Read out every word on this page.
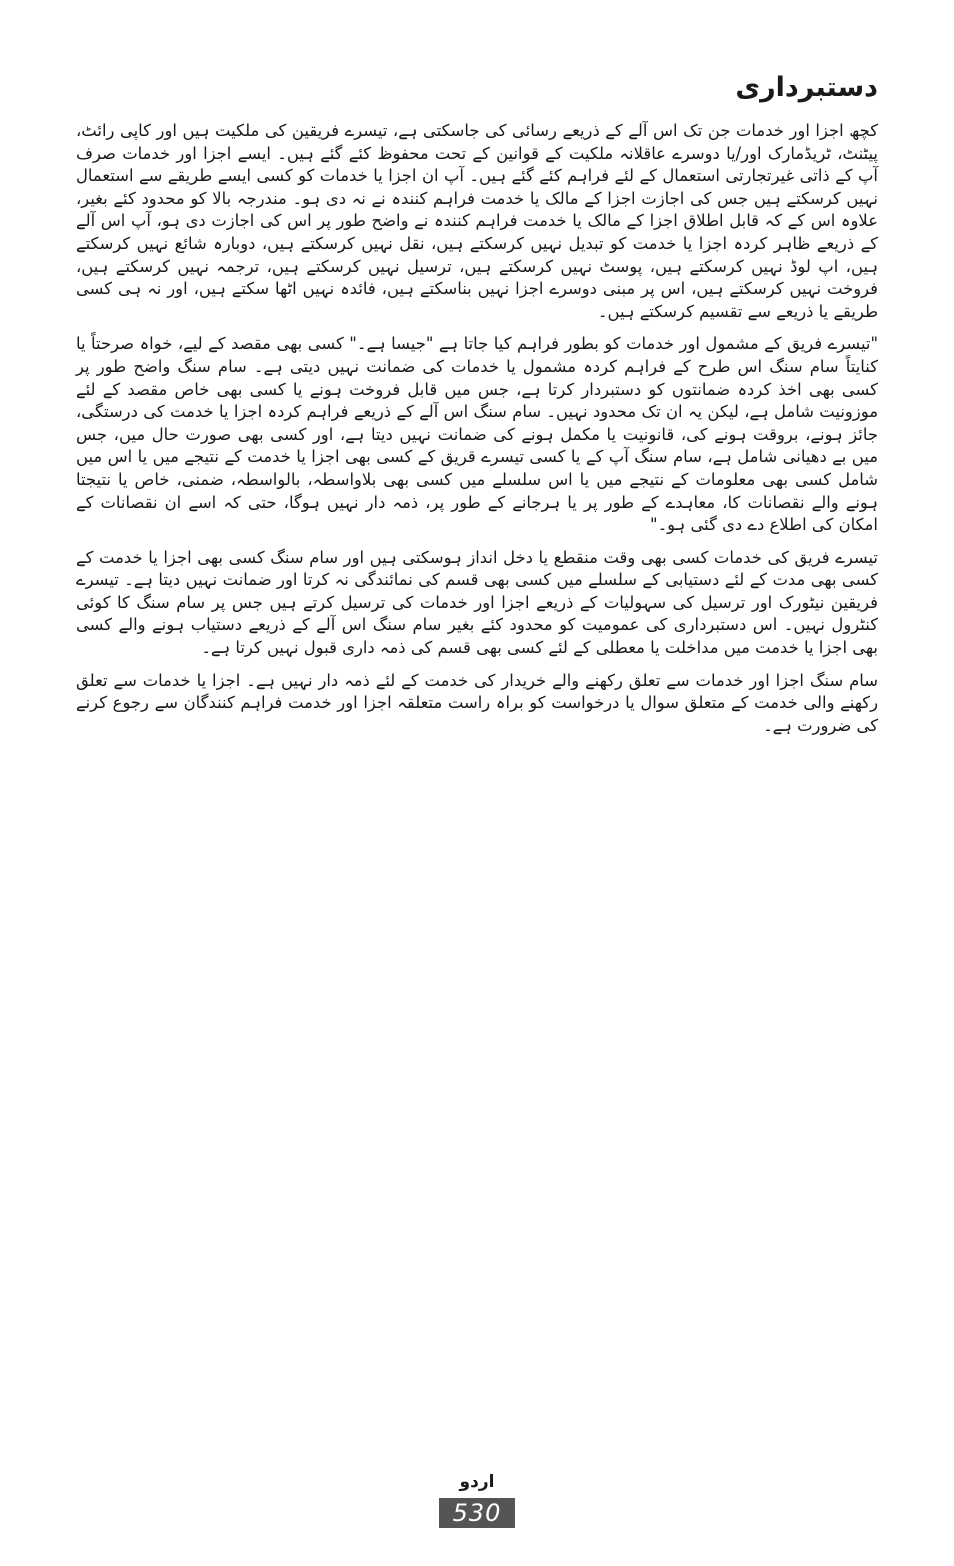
دستبرداری

کچھ اجزا اور خدمات جن تک اس آلے کے ذریعے رسائی کی جاسکتی ہے، تیسرے فریقین کی ملکیت ہیں اور کاپی رائٹ، پیٹنٹ، ٹریڈمارک اور/یا دوسرے عاقلانہ ملکیت کے قوانین کے تحت محفوظ کئے گئے ہیں۔ ایسے اجزا اور خدمات صرف آپ کے ذاتی غیرتجارتی استعمال کے لئے فراہم کئے گئے ہیں۔ آپ ان اجزا یا خدمات کو کسی ایسے طریقے سے استعمال نہیں کرسکتے ہیں جس کی اجازت اجزا کے مالک یا خدمت فراہم کنندہ نے نہ دی ہو۔ مندرجہ بالا کو محدود کئے بغیر، علاوہ اس کے کہ قابل اطلاق اجزا کے مالک یا خدمت فراہم کنندہ نے واضح طور پر اس کی اجازت دی ہو، آپ اس آلے کے ذریعے ظاہر کردہ اجزا یا خدمت کو تبدیل نہیں کرسکتے ہیں، نقل نہیں کرسکتے ہیں، دوبارہ شائع نہیں کرسکتے ہیں، اپ لوڈ نہیں کرسکتے ہیں، پوسٹ نہیں کرسکتے ہیں، ترسیل نہیں کرسکتے ہیں، ترجمہ نہیں کرسکتے ہیں، فروخت نہیں کرسکتے ہیں، اس پر مبنی دوسرے اجزا نہیں بناسکتے ہیں، فائدہ نہیں اٹھا سکتے ہیں، اور نہ ہی کسی طریقے یا ذریعے سے تقسیم کرسکتے ہیں۔

"تیسرے فریق کے مشمول اور خدمات کو بطور فراہم کیا جاتا ہے "جیسا ہے۔" کسی بھی مقصد کے لیے، خواہ صرحتاً یا کنایتاً سام سنگ اس طرح کے فراہم کردہ مشمول یا خدمات کی ضمانت نہیں دیتی ہے۔ سام سنگ واضح طور پر کسی بھی اخذ کردہ ضمانتوں کو دستبردار کرتا ہے، جس میں قابل فروخت ہونے یا کسی بھی خاص مقصد کے لئے موزونیت شامل ہے، لیکن یہ ان تک محدود نہیں۔ سام سنگ اس آلے کے ذریعے فراہم کردہ اجزا یا خدمت کی درستگی، جائز ہونے، بروقت ہونے کی، قانونیت یا مکمل ہونے کی ضمانت نہیں دیتا ہے، اور کسی بھی صورت حال میں، جس میں بے دھیانی شامل ہے، سام سنگ آپ کے یا کسی تیسرے قریق کے کسی بھی اجزا یا خدمت کے نتیجے میں یا اس میں شامل کسی بھی معلومات کے نتیجے میں یا اس سلسلے میں کسی بھی بلاواسطہ، بالواسطہ، ضمنی، خاص یا نتیجتا ہونے والے نقصانات کا، معاہدے کے طور پر یا ہرجانے کے طور پر، ذمہ دار نہیں ہوگا، حتی کہ اسے ان نقصانات کے امکان کی اطلاع دے دی گئی ہو۔"

تیسرے فریق کی خدمات کسی بھی وقت منقطع یا دخل انداز ہوسکتی ہیں اور سام سنگ کسی بھی اجزا یا خدمت کے کسی بھی مدت کے لئے دستیابی کے سلسلے میں کسی بھی قسم کی نمائندگی نہ کرتا اور ضمانت نہیں دیتا ہے۔ تیسرے فریقین نیٹورک اور ترسیل کی سہولیات کے ذریعے اجزا اور خدمات کی ترسیل کرتے ہیں جس پر سام سنگ کا کوئی کنٹرول نہیں۔ اس دستبرداری کی عمومیت کو محدود کئے بغیر سام سنگ اس آلے کے ذریعے دستیاب ہونے والے کسی بھی اجزا یا خدمت میں مداخلت یا معطلی کے لئے کسی بھی قسم کی ذمہ داری قبول نہیں کرتا ہے۔

سام سنگ اجزا اور خدمات سے تعلق رکھنے والے خریدار کی خدمت کے لئے ذمہ دار نہیں ہے۔ اجزا یا خدمات سے تعلق رکھنے والی خدمت کے متعلق سوال یا درخواست کو براہ راست متعلقہ اجزا اور خدمت فراہم کنندگان سے رجوع کرنے کی ضرورت ہے۔

اردو
530
